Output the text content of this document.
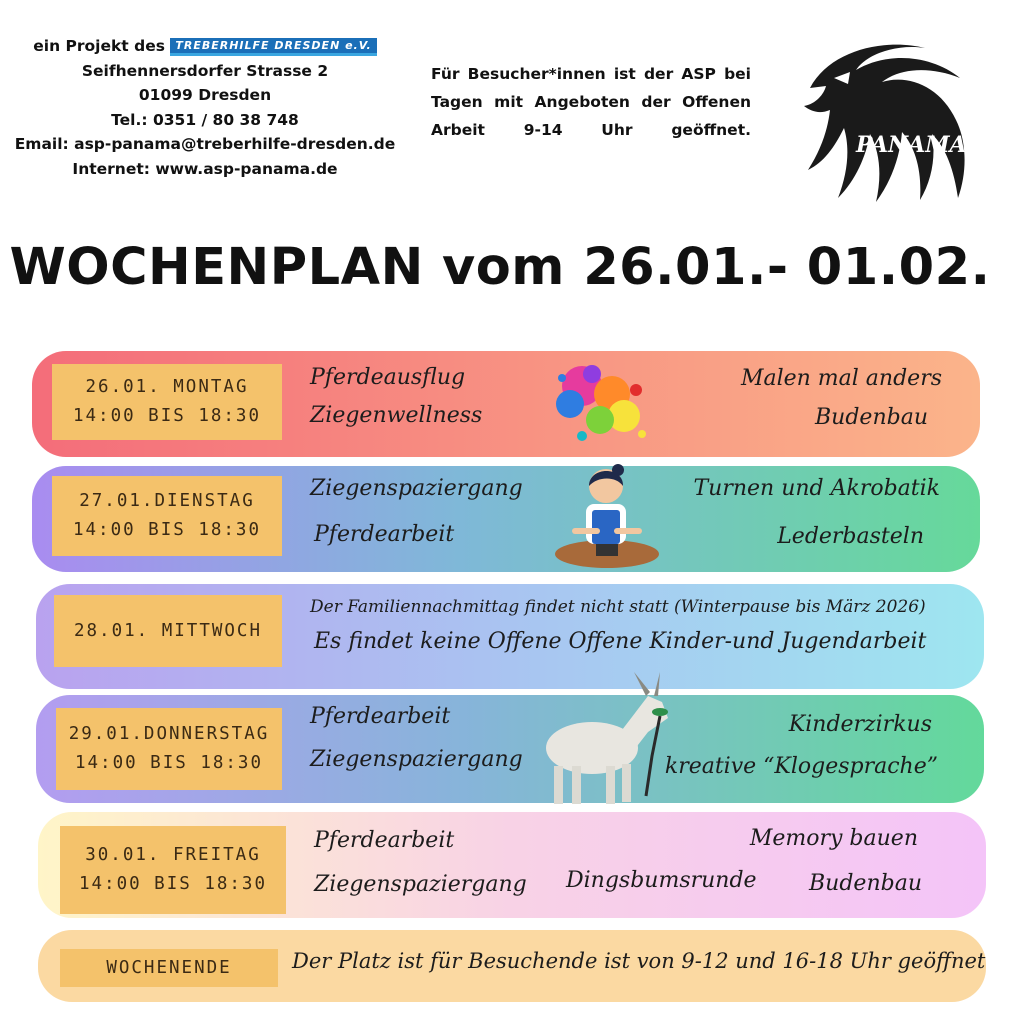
ein Projekt des TREBERHILFE DRESDEN e.V.
Seifhennersdorfer Strasse 2
01099 Dresden
Tel.: 0351 / 80 38 748
Email: asp-panama@treberhilfe-dresden.de
Internet: www.asp-panama.de
Für Besucher*innen ist der ASP bei Tagen mit Angeboten der Offenen Arbeit 9-14 Uhr geöffnet.
PANAMA
WOCHENPLAN vom 26.01.- 01.02.
26.01. MONTAG
14:00 BIS 18:30
Pferdeausflug
Ziegenwellness
Malen mal anders
Budenbau
27.01.DIENSTAG
14:00 BIS 18:30
Ziegenspaziergang
Pferdearbeit
Turnen und Akrobatik
Lederbasteln
28.01. MITTWOCH
Der Familiennachmittag findet nicht statt (Winterpause bis März 2026)
Es findet keine Offene Offene Kinder-und Jugendarbeit
29.01.DONNERSTAG
14:00 BIS 18:30
Pferdearbeit
Ziegenspaziergang
Kinderzirkus
kreative “Klogesprache”
30.01. FREITAG
14:00 BIS 18:30
Pferdearbeit
Ziegenspaziergang Dingsbumsrunde
Memory bauen
Budenbau
WOCHENENDE	Der Platz ist für Besuchende ist von 9-12 und 16-18 Uhr geöffnet
